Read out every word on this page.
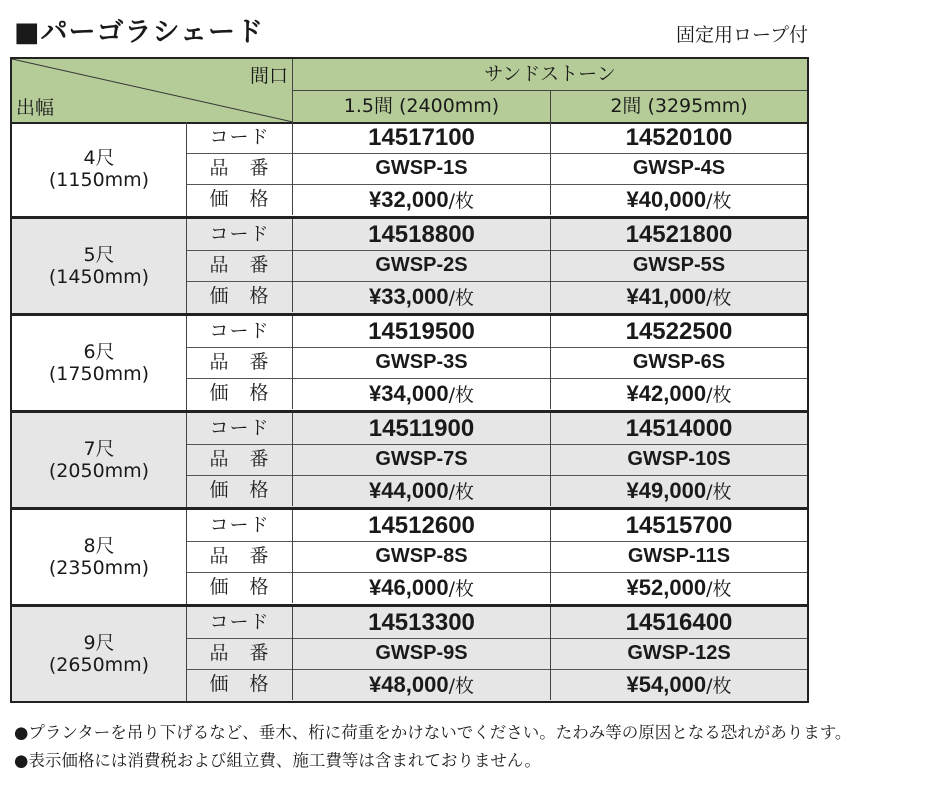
■パーゴラシェード	固定用ロープ付
間口
出幅
サンドストーン
1.5間 (2400mm)	2間 (3295mm)
4尺
(1150mm)
コード	14517100	14520100
品　番	GWSP-1S	GWSP-4S
価　格	¥32,000/枚	¥40,000/枚
5尺
(1450mm)
コード	14518800	14521800
品　番	GWSP-2S	GWSP-5S
価　格	¥33,000/枚	¥41,000/枚
6尺
(1750mm)
コード	14519500	14522500
品　番	GWSP-3S	GWSP-6S
価　格	¥34,000/枚	¥42,000/枚
7尺
(2050mm)
コード	14511900	14514000
品　番	GWSP-7S	GWSP-10S
価　格	¥44,000/枚	¥49,000/枚
8尺
(2350mm)
コード	14512600	14515700
品　番	GWSP-8S	GWSP-11S
価　格	¥46,000/枚	¥52,000/枚
9尺
(2650mm)
コード	14513300	14516400
品　番	GWSP-9S	GWSP-12S
価　格	¥48,000/枚	¥54,000/枚
●プランターを吊り下げるなど、垂木、桁に荷重をかけないでください。たわみ等の原因となる恐れがあります。
●表示価格には消費税および組立費、施工費等は含まれておりません。
